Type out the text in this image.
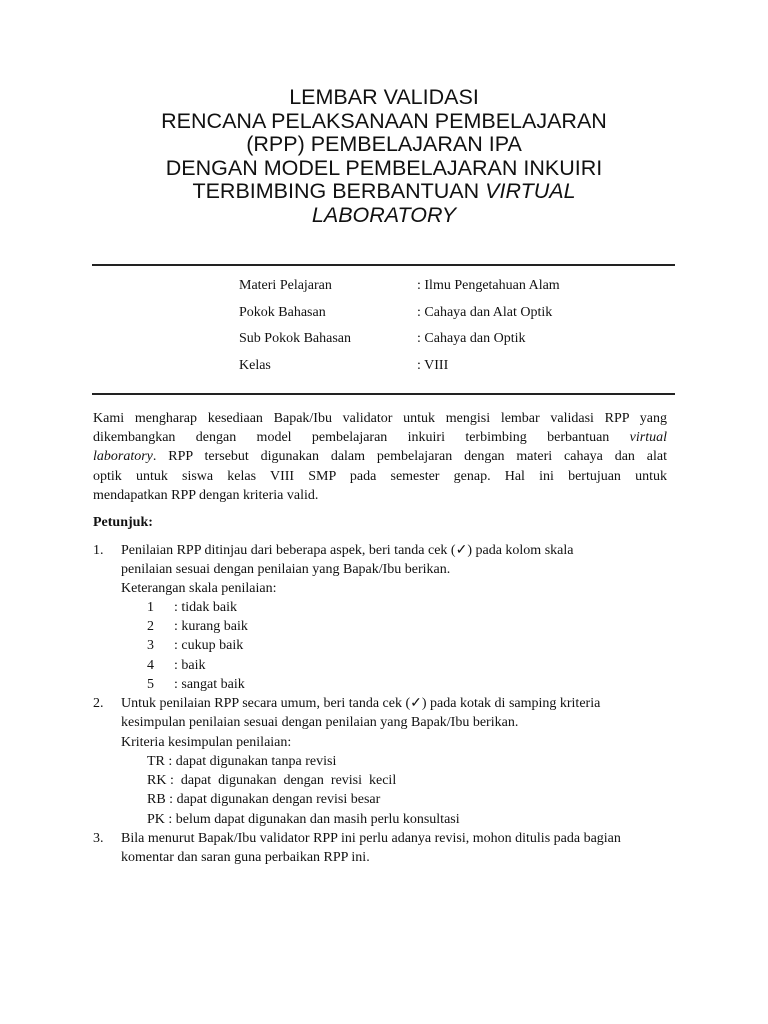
LEMBAR VALIDASI
RENCANA PELAKSANAAN PEMBELAJARAN
(RPP) PEMBELAJARAN IPA
DENGAN MODEL PEMBELAJARAN INKUIRI
TERBIMBING BERBANTUAN VIRTUAL
LABORATORY
Materi Pelajaran	: Ilmu Pengetahuan Alam
Pokok Bahasan	: Cahaya dan Alat Optik
Sub Pokok Bahasan	: Cahaya dan Optik
Kelas	: VIII
Kami mengharap kesediaan Bapak/Ibu validator untuk mengisi lembar validasi RPP yang
dikembangkan dengan model pembelajaran inkuiri terbimbing berbantuan virtual
laboratory. RPP tersebut digunakan dalam pembelajaran dengan materi cahaya dan alat
optik untuk siswa kelas VIII SMP pada semester genap. Hal ini bertujuan untuk
mendapatkan RPP dengan kriteria valid.
Petunjuk:
1. Penilaian RPP ditinjau dari beberapa aspek, beri tanda cek (✓) pada kolom skala
penilaian sesuai dengan penilaian yang Bapak/Ibu berikan.
Keterangan skala penilaian:
1 : tidak baik
2 : kurang baik
3 : cukup baik
4 : baik
5 : sangat baik
2. Untuk penilaian RPP secara umum, beri tanda cek (✓) pada kotak di samping kriteria
kesimpulan penilaian sesuai dengan penilaian yang Bapak/Ibu berikan.
Kriteria kesimpulan penilaian:
TR : dapat digunakan tanpa revisi
RK :  dapat  digunakan  dengan  revisi  kecil
RB : dapat digunakan dengan revisi besar
PK : belum dapat digunakan dan masih perlu konsultasi
3. Bila menurut Bapak/Ibu validator RPP ini perlu adanya revisi, mohon ditulis pada bagian
komentar dan saran guna perbaikan RPP ini.
